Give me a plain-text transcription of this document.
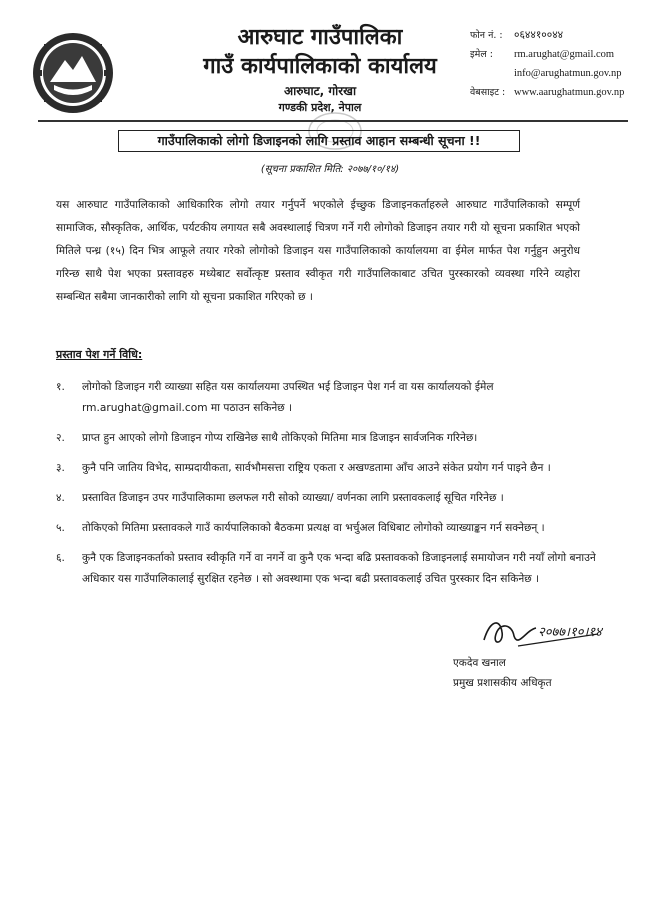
आरुघाट गाउँपालिका
गाउँ कार्यपालिकाको कार्यालय
आरुघाट, गोरखा
गण्डकी प्रदेश, नेपाल
फोन नं. :	०६४४१००४४
इमेल :	rm.arughat@gmail.com
info@arughatmun.gov.np
वेबसाइट : www.aarughatmun.gov.np
गाउँपालिकाको लोगो डिजाइनको लागि प्रस्ताव आहान सम्बन्धी सूचना !!
(सूचना प्रकाशित मिति: २०७७/१०/१४)
यस आरुघाट गाउँपालिकाको आधिकारिक लोगो तयार गर्नुपर्ने भएकोले ईच्छुक डिजाइनकर्ताहरुले आरुघाट गाउँपालिकाको सम्पूर्ण सामाजिक, सौस्कृतिक, आर्थिक, पर्यटकीय लगायत सबै अवस्थालाई चित्रण गर्ने गरी लोगोको डिजाइन तयार गरी यो सूचना प्रकाशित भएको मितिले पन्ध्र (१५) दिन भित्र आफूले तयार गरेको लोगोको डिजाइन यस गाउँपालिकाको कार्यालयमा वा ईमेल मार्फत पेश गर्नुहुन अनुरोध गरिन्छ साथै पेश भएका प्रस्तावहरु मध्येबाट सर्वोत्कृष्ट प्रस्ताव स्वीकृत गरी गाउँपालिकाबाट उचित पुरस्कारको व्यवस्था गरिने व्यहोरा सम्बन्धित सबैमा जानकारीको लागि यो सूचना प्रकाशित गरिएको छ ।
प्रस्ताव पेश गर्ने विधि:
१. लोगोको डिजाइन गरी व्याख्या सहित यस कार्यालयमा उपस्थित भई डिजाइन पेश गर्न वा यस कार्यालयको ईमेल rm.arughat@gmail.com मा पठाउन सकिनेछ ।
२. प्राप्त हुन आएको लोगो डिजाइन गोप्य राखिनेछ साथै तोकिएको मितिमा मात्र डिजाइन सार्वजनिक गरिनेछ।
३. कुनै पनि जातिय विभेद, साम्प्रदायीकता, सार्वभौमसत्ता राष्ट्रिय एकता र अखण्डतामा आँच आउने संकेत प्रयोग गर्न पाइने छैन ।
४. प्रस्तावित डिजाइन उपर गाउँपालिकामा छलफल गरी सोको व्याख्या/ वर्णनका लागि प्रस्तावकलाई सूचित गरिनेछ ।
५. तोकिएको मितिमा प्रस्तावकले गाउँ कार्यपालिकाको बैठकमा प्रत्यक्ष वा भर्चुअल विधिबाट लोगोको व्याख्याङ्कन गर्न सक्नेछन् ।
६. कुनै एक डिजाइनकर्ताको प्रस्ताव स्वीकृति गर्ने वा नगर्ने वा कुनै एक भन्दा बढि प्रस्तावकको डिजाइनलाई समायोजन गरी नयाँ लोगो बनाउने अधिकार यस गाउँपालिकालाई सुरक्षित रहनेछ । सो अवस्थामा एक भन्दा बढी प्रस्तावकलाई उचित पुरस्कार दिन सकिनेछ ।
२०७७।१०।१४
एकदेव खनाल
प्रमुख प्रशासकीय अधिकृत
